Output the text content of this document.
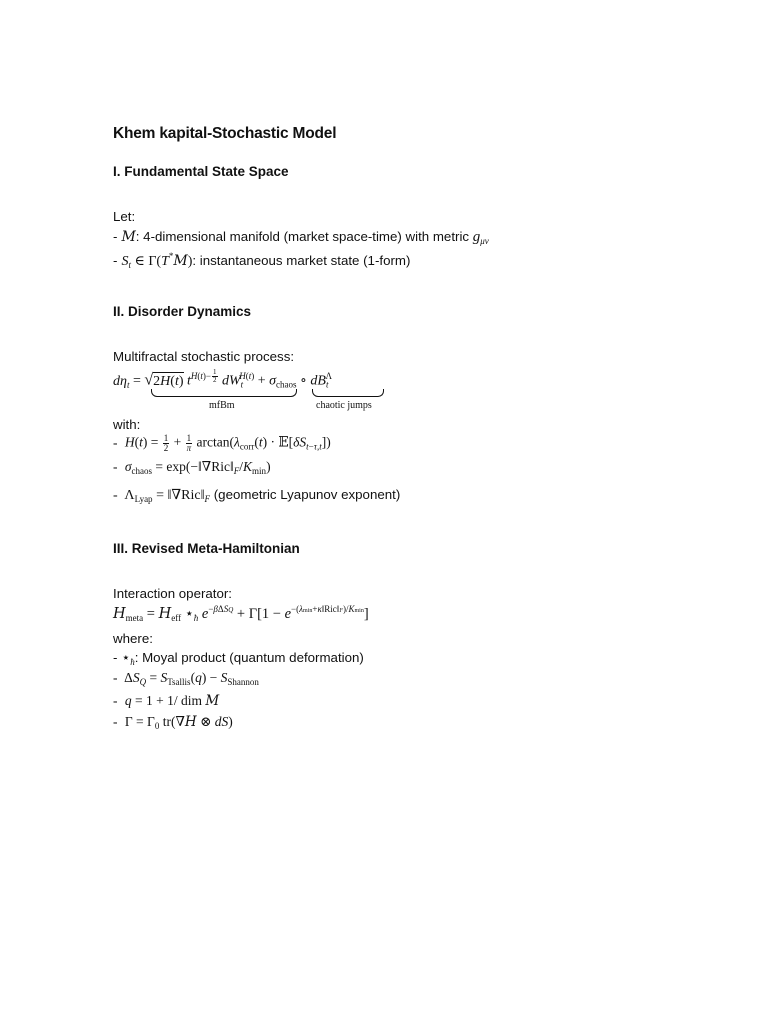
Khem kapital-Stochastic Model
I. Fundamental State Space
Let:
- M: 4-dimensional manifold (market space-time) with metric $g_{\mu\nu}$
- $S_t$ ∈ Γ(T*M): instantaneous market state (1-form)
II. Disorder Dynamics
Multifractal stochastic process:
$d\eta_t = √2H(t)$ $t^{H(t)- \frac{1}{2}}$ $dW_t^{H(t)} + \sigma_{chaos}$ ∘ $dB_t^\Lambda$
mfBm	chaotic jumps
with:
- $H(t) = \frac{1}{2} + \frac{1}{\pi} \arctan(\lambda_{corr}(t)$ · $𝔼[\delta S_{t-\tau,t}]$)
- $\sigma_{chaos}$ = $\exp(-‖\nabla Ric‖_F/K_{min})$
- $\Lambda_{Lyap}$ = $‖\nabla Ric‖_F$ (geometric Lyapunov exponent)
III. Revised Meta-Hamiltonian
Interaction operator:
$H_{meta} = H_{eff}$ $⋆_ħ$ $e^{-\beta\Delta SQ} + \Gamma[1 - e^{-(\lambda min+\kappa‖Ric‖F)/Kmin}]$
where:
- $⋆_ħ$: Moyal product (quantum deformation)
- $\Delta S_Q = S_{Tsallis}(q) - S_{Shannon}$
- q = 1 + 1/ dim M
- $\Gamma = \Gamma_0$ tr(∇H ⊗ dS)
